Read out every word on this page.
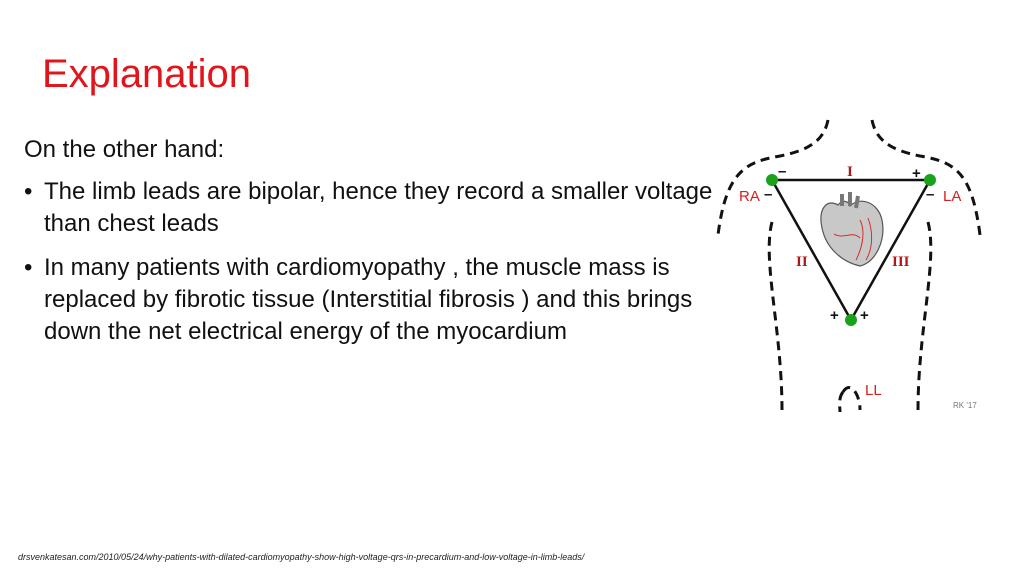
Explanation
On the other hand:
• The limb leads are bipolar, hence they record a smaller voltage than chest leads
• In many patients with cardiomyopathy , the muscle mass is replaced by fibrotic tissue (Interstitial fibrosis ) and this brings down the net electrical energy of the myocardium
RA	LA
LL
I
II	III
–	+
–	–
+ +
RK '17
drsvenkatesan.com/2010/05/24/why-patients-with-dilated-cardiomyopathy-show-high-voltage-qrs-in-precardium-and-low-voltage-in-limb-leads/
